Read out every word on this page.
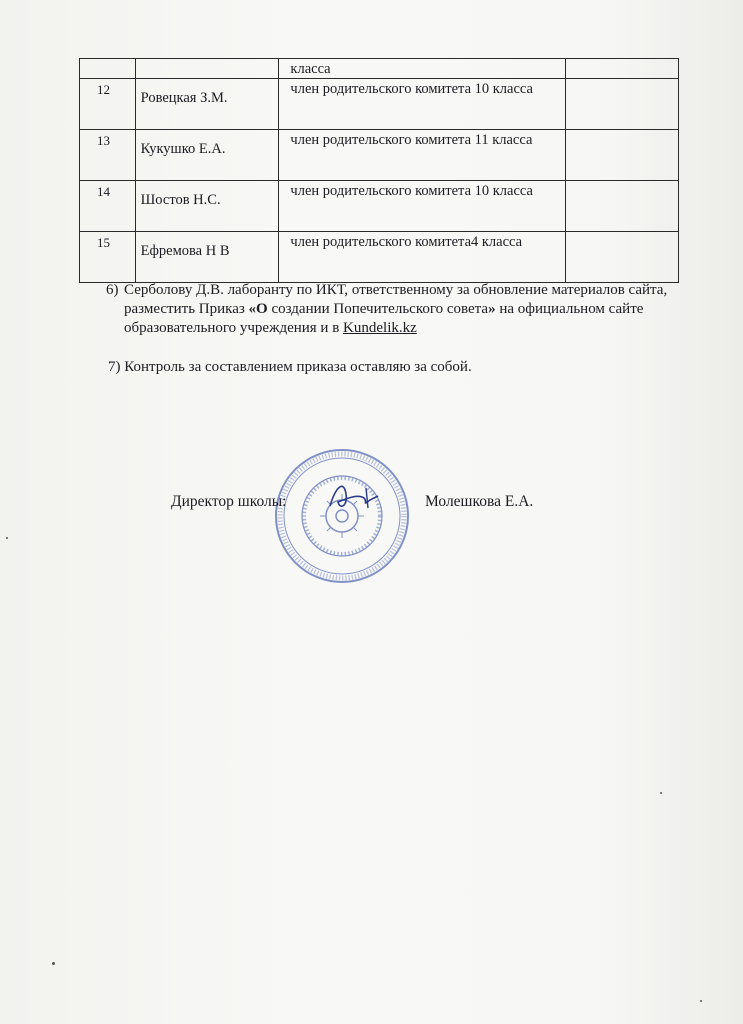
		класса	
12	Ровецкая З.М.	член родительского комитета 10 класса	
13	Кукушко Е.А.	член родительского комитета 11 класса	
14	Шостов Н.С.	член родительского комитета 10 класса	
15	Ефремова Н В	член родительского комитета4 класса	
6) Серболову Д.В. лаборанту по ИКТ, ответственному за обновление материалов сайта, разместить Приказ «О создании Попечительского совета» на официальном сайте образовательного учреждения и в Kundelik.kz
7) Контроль за составлением приказа оставляю за собой.
Директор школы:	Молешкова Е.А.
